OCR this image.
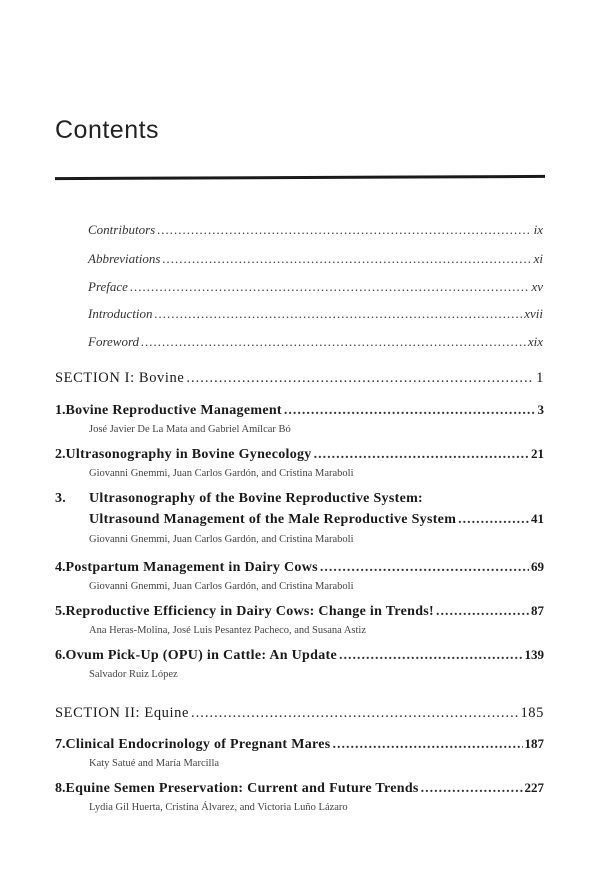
Contents
Contributors .....	ix
Abbreviations .....	xi
Preface .....	xv
Introduction .....	xvii
Foreword .....	xix
SECTION I: Bovine .....	1
1. Bovine Reproductive Management .....	3
José Javier De La Mata and Gabriel Amílcar Bó
2. Ultrasonography in Bovine Gynecology .....	21
Giovanni Gnemmi, Juan Carlos Gardón, and Cristina Maraboli
3. Ultrasonography of the Bovine Reproductive System:
Ultrasound Management of the Male Reproductive System .....	41
Giovanni Gnemmi, Juan Carlos Gardón, and Cristina Maraboli
4. Postpartum Management in Dairy Cows .....	69
Giovanni Gnemmi, Juan Carlos Gardón, and Cristina Maraboli
5. Reproductive Efficiency in Dairy Cows: Change in Trends! .....	87
Ana Heras-Molina, José Luis Pesantez Pacheco, and Susana Astiz
6. Ovum Pick-Up (OPU) in Cattle: An Update .....	139
Salvador Ruiz López
SECTION II: Equine .....	185
7. Clinical Endocrinology of Pregnant Mares .....	187
Katy Satué and María Marcilla
8. Equine Semen Preservation: Current and Future Trends .....	227
Lydia Gil Huerta, Cristina Álvarez, and Victoria Luño Lázaro
